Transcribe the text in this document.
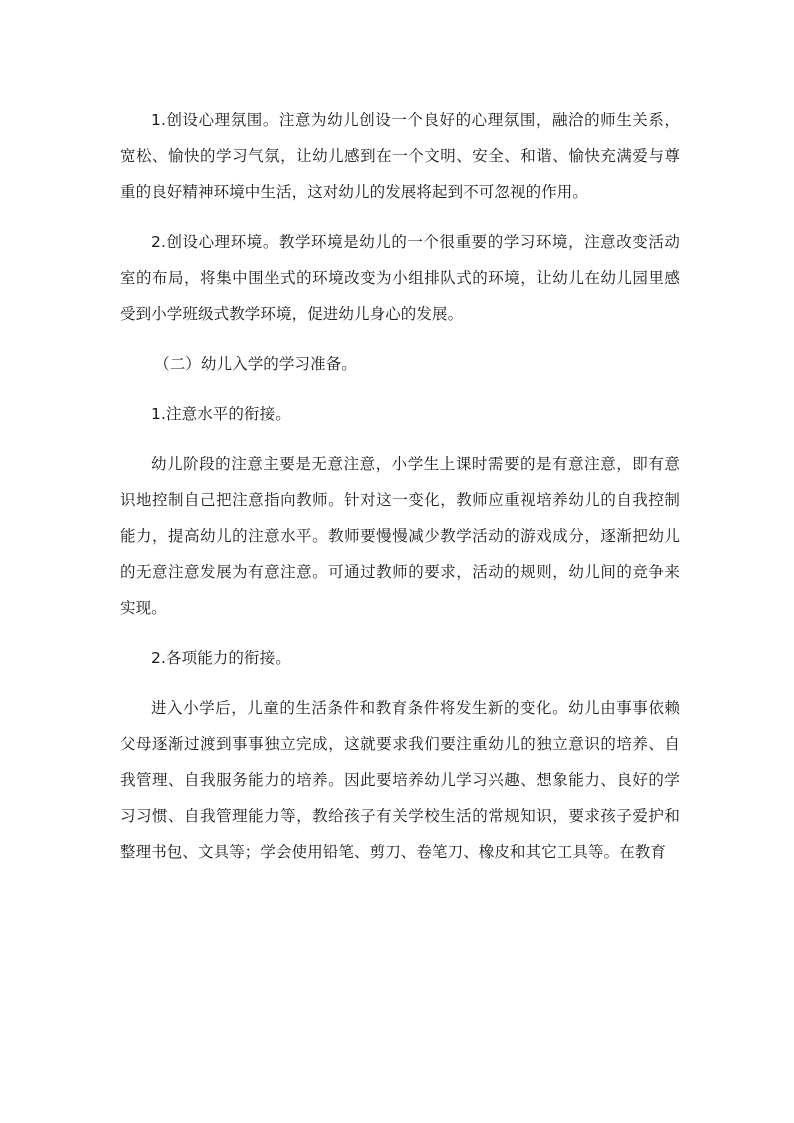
1.创设心理氛围。注意为幼儿创设一个良好的心理氛围，融洽的师生关系，宽松、愉快的学习气氛，让幼儿感到在一个文明、安全、和谐、愉快充满爱与尊重的良好精神环境中生活，这对幼儿的发展将起到不可忽视的作用。

2.创设心理环境。教学环境是幼儿的一个很重要的学习环境，注意改变活动室的布局，将集中围坐式的环境改变为小组排队式的环境，让幼儿在幼儿园里感受到小学班级式教学环境，促进幼儿身心的发展。

（二）幼儿入学的学习准备。

1.注意水平的衔接。

幼儿阶段的注意主要是无意注意，小学生上课时需要的是有意注意，即有意识地控制自己把注意指向教师。针对这一变化，教师应重视培养幼儿的自我控制能力，提高幼儿的注意水平。教师要慢慢减少教学活动的游戏成分，逐渐把幼儿的无意注意发展为有意注意。可通过教师的要求，活动的规则，幼儿间的竞争来实现。

2.各项能力的衔接。

进入小学后，儿童的生活条件和教育条件将发生新的变化。幼儿由事事依赖父母逐渐过渡到事事独立完成，这就要求我们要注重幼儿的独立意识的培养、自我管理、自我服务能力的培养。因此要培养幼儿学习兴趣、想象能力、良好的学习习惯、自我管理能力等，教给孩子有关学校生活的常规知识，要求孩子爱护和整理书包、文具等；学会使用铅笔、剪刀、卷笔刀、橡皮和其它工具等。在教育
